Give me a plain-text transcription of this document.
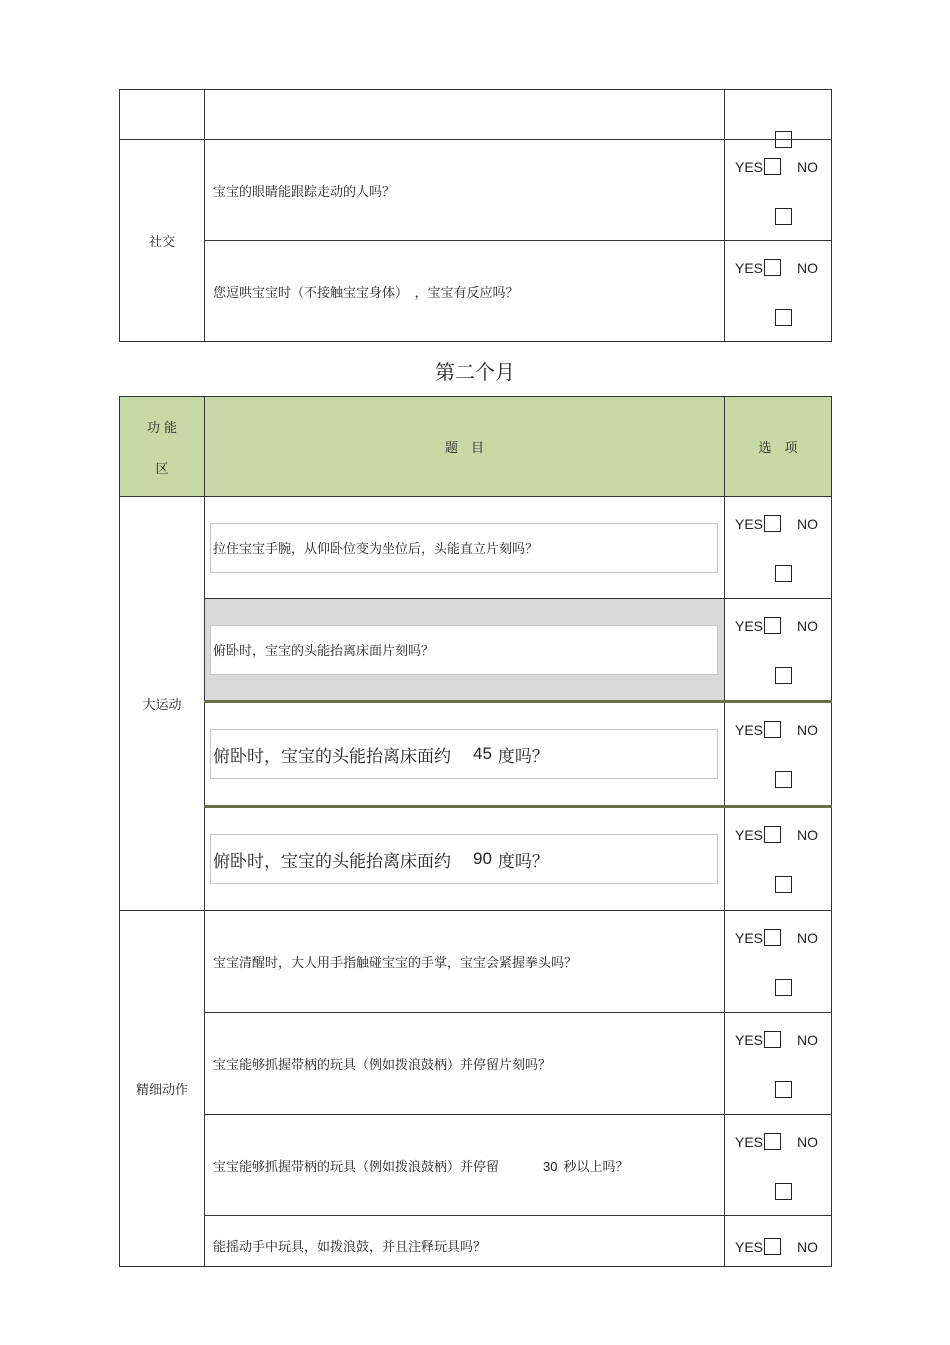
社交	宝宝的眼睛能跟踪走动的人吗？	YES NO

	您逗哄宝宝时（不接触宝宝身体）　，宝宝有反应吗？	YES NO
第二个月
功 能
区	题　目	选　项
大运动	拉住宝宝手腕，从仰卧位变为坐位后，头能直立片刻吗？	YES NO

俯卧时，宝宝的头能抬离床面片刻吗？	YES NO

	俯卧时，宝宝的头能抬离床面约 45 度吗？	YES NO

	俯卧时，宝宝的头能抬离床面约 90 度吗？	YES NO

精细动作	宝宝清醒时，大人用手指触碰宝宝的手掌，宝宝会紧握拳头吗？	YES NO

	宝宝能够抓握带柄的玩具（例如拨浪鼓柄）并停留片刻吗？	YES NO

	宝宝能够抓握带柄的玩具（例如拨浪鼓柄）并停留 30 秒以上吗？	YES NO

	能摇动手中玩具，如拨浪鼓，并且注释玩具吗？	YES NO
